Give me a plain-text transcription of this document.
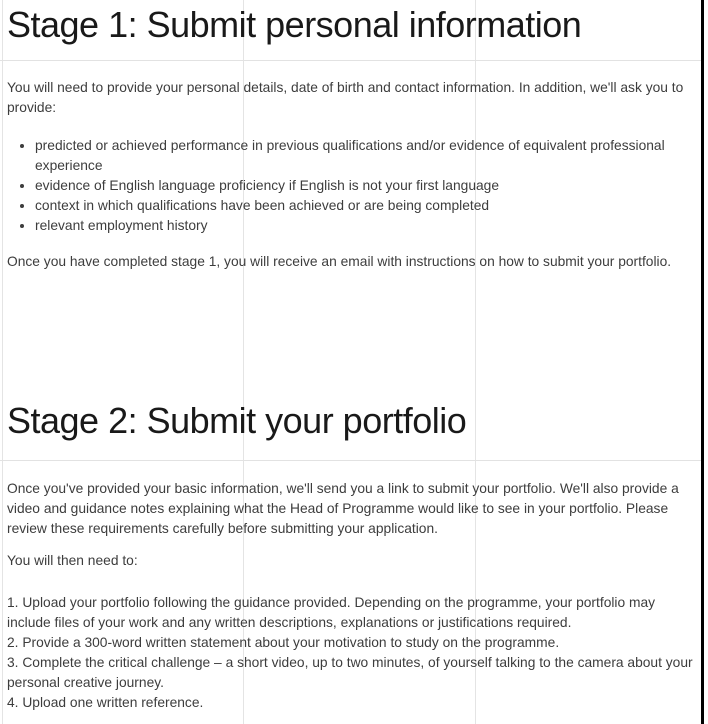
Stage 1: Submit personal information

You will need to provide your personal details, date of birth and contact information. In addition, we'll ask you to provide:

• predicted or achieved performance in previous qualifications and/or evidence of equivalent professional experience
• evidence of English language proficiency if English is not your first language
• context in which qualifications have been achieved or are being completed
• relevant employment history

Once you have completed stage 1, you will receive an email with instructions on how to submit your portfolio.

Stage 2: Submit your portfolio

Once you've provided your basic information, we'll send you a link to submit your portfolio. We'll also provide a video and guidance notes explaining what the Head of Programme would like to see in your portfolio. Please review these requirements carefully before submitting your application.

You will then need to:

1. Upload your portfolio following the guidance provided. Depending on the programme, your portfolio may include files of your work and any written descriptions, explanations or justifications required.
2. Provide a 300-word written statement about your motivation to study on the programme.
3. Complete the critical challenge – a short video, up to two minutes, of yourself talking to the camera about your personal creative journey.
4. Upload one written reference.
